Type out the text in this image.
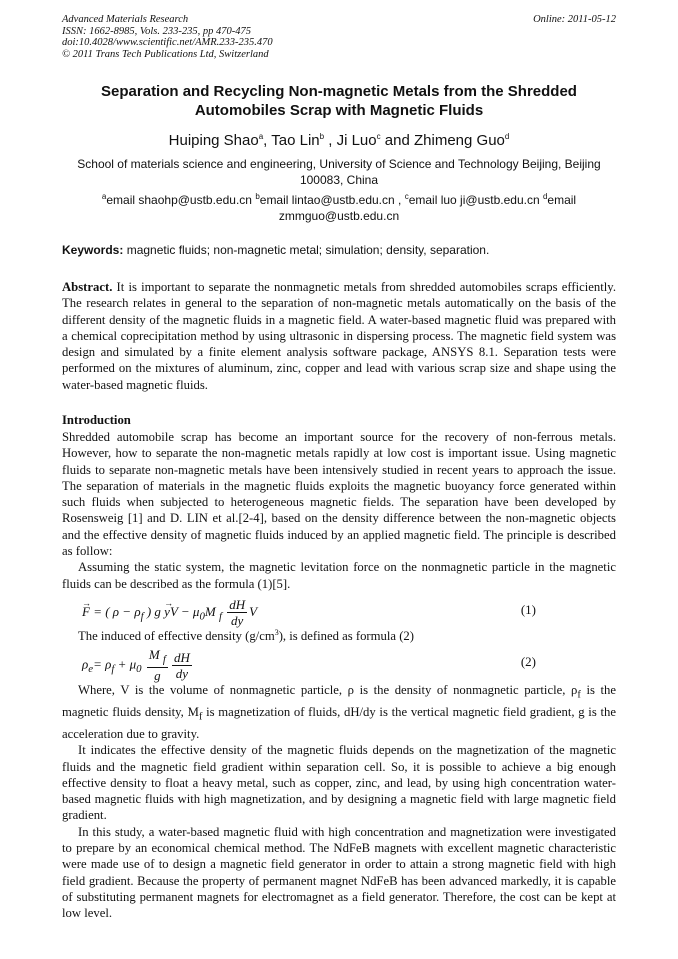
Advanced Materials Research
ISSN: 1662-8985, Vols. 233-235, pp 470-475
doi:10.4028/www.scientific.net/AMR.233-235.470
© 2011 Trans Tech Publications Ltd, Switzerland
Online: 2011-05-12
Separation and Recycling Non-magnetic Metals from the Shredded
Automobiles Scrap with Magnetic Fluids
Huiping Shao$^a$, Tao Lin$^b$ , Ji Luo$^c$ and Zhimeng Guo$^d$
School of materials science and engineering, University of Science and Technology Beijing, Beijing 100083, China
$^a$email shaohp@ustb.edu.cn $^b$email lintao@ustb.edu.cn , $^c$email luo ji@ustb.edu.cn $^d$email zmmguo@ustb.edu.cn
Keywords: magnetic fluids; non-magnetic metal; simulation; density, separation.
Abstract. It is important to separate the nonmagnetic metals from shredded automobiles scraps efficiently. The research relates in general to the separation of non-magnetic metals automatically on the basis of the different density of the magnetic fluids in a magnetic field. A water-based magnetic fluid was prepared with a chemical coprecipitation method by using ultrasonic in dispersing process. The magnetic field system was design and simulated by a finite element analysis software package, ANSYS 8.1. Separation tests were performed on the mixtures of aluminum, zinc, copper and lead with various scrap size and shape using the water-based magnetic fluids.
Introduction

Shredded automobile scrap has become an important source for the recovery of non-ferrous metals. However, how to separate the non-magnetic metals rapidly at low cost is important issue. Using magnetic fluids to separate non-magnetic metals have been intensively studied in recent years to approach the issue. The separation of materials in the magnetic fluids exploits the magnetic buoyancy force generated within such fluids when subjected to heterogeneous magnetic fields. The separation have been developed by Rosensweig [1] and D. LIN et al.[2-4], based on the density difference between the non-magnetic objects and the effective density of magnetic fluids induced by an applied magnetic field. The principle is described as follow:

Assuming the static system, the magnetic levitation force on the nonmagnetic particle in the magnetic fluids can be described as the formula (1)[5].

→ F = ( $\rho - \rho_f$ ) g → yV − $\mu_0M$ $_f \frac{dH}{dy}$ V	(1)

The induced of effective density $(g/cm^3)$, is defined as formula (2)

$\rho_e= \rho_f + \mu_0 \frac{M _f}{g} \frac{dH}{dy}$	(2)

Where, V is the volume of nonmagnetic particle, ρ is the density of nonmagnetic particle, $\rho_f$ is the magnetic fluids density, $M_f$ is magnetization of fluids, dH/dy is the vertical magnetic field gradient, g is the acceleration due to gravity.

It indicates the effective density of the magnetic fluids depends on the magnetization of the magnetic fluids and the magnetic field gradient within separation cell. So, it is possible to achieve a big enough effective density to float a heavy metal, such as copper, zinc, and lead, by using high concentration water-based magnetic fluids with high magnetization, and by designing a magnetic field with large magnetic field gradient.

In this study, a water-based magnetic fluid with high concentration and magnetization were investigated to prepare by an economical chemical method. The NdFeB magnets with excellent magnetic characteristic were made use of to design a magnetic field generator in order to attain a strong magnetic field with high field gradient. Because the property of permanent magnet NdFeB has been advanced markedly, it is capable of substituting permanent magnets for electromagnet as a field generator. Therefore, the cost can be kept at low level.
